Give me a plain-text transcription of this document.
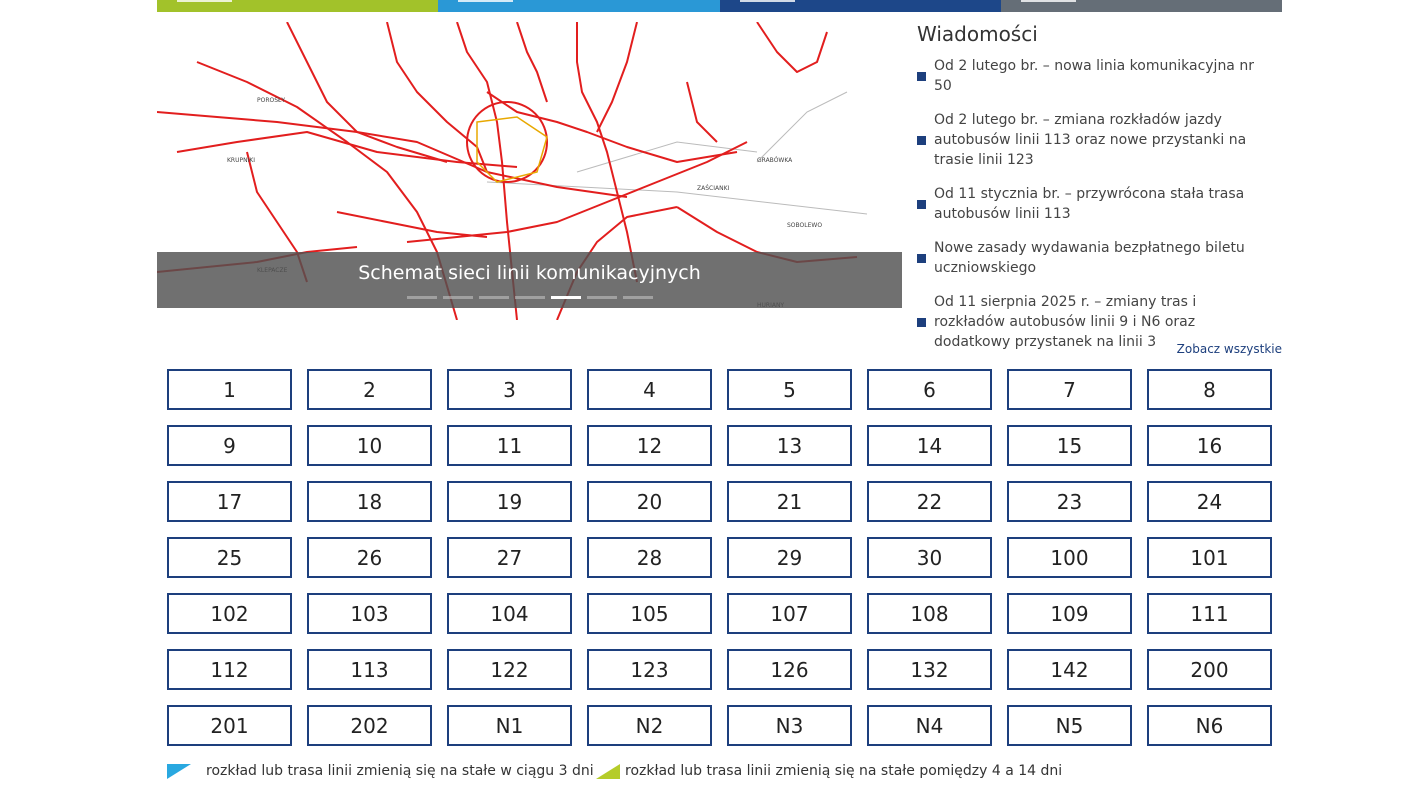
POROSŁY
KRUPNIKI	GRABÓWKA
ZAŚCIANKI
SOBOLEWO
Schemat sieci linii komunikacyjnych
Wiadomości
Od 2 lutego br. – nowa linia komunikacyjna nr 50
Od 2 lutego br. – zmiana rozkładów jazdy autobusów linii 113 oraz nowe przystanki na trasie linii 123
Od 11 stycznia br. – przywrócona stała trasa autobusów linii 113
Nowe zasady wydawania bezpłatnego biletu uczniowskiego
Od 11 sierpnia 2025 r. – zmiany tras i rozkładów autobusów linii 9 i N6 oraz dodatkowy przystanek na linii 3	Zobacz wszystkie
1	2	3	4	5	6	7	8
9	10	11	12	13	14	15	16
17	18	19	20	21	22	23	24
25	26	27	28	29	30	100	101
102	103	104	105	107	108	109	111
112	113	122	123	126	132	142	200
201	202	N1	N2	N3	N4	N5	N6
rozkład lub trasa linii zmienią się na stałe w ciągu 3 dni rozkład lub trasa linii zmienią się na stałe pomiędzy 4 a 14 dni
